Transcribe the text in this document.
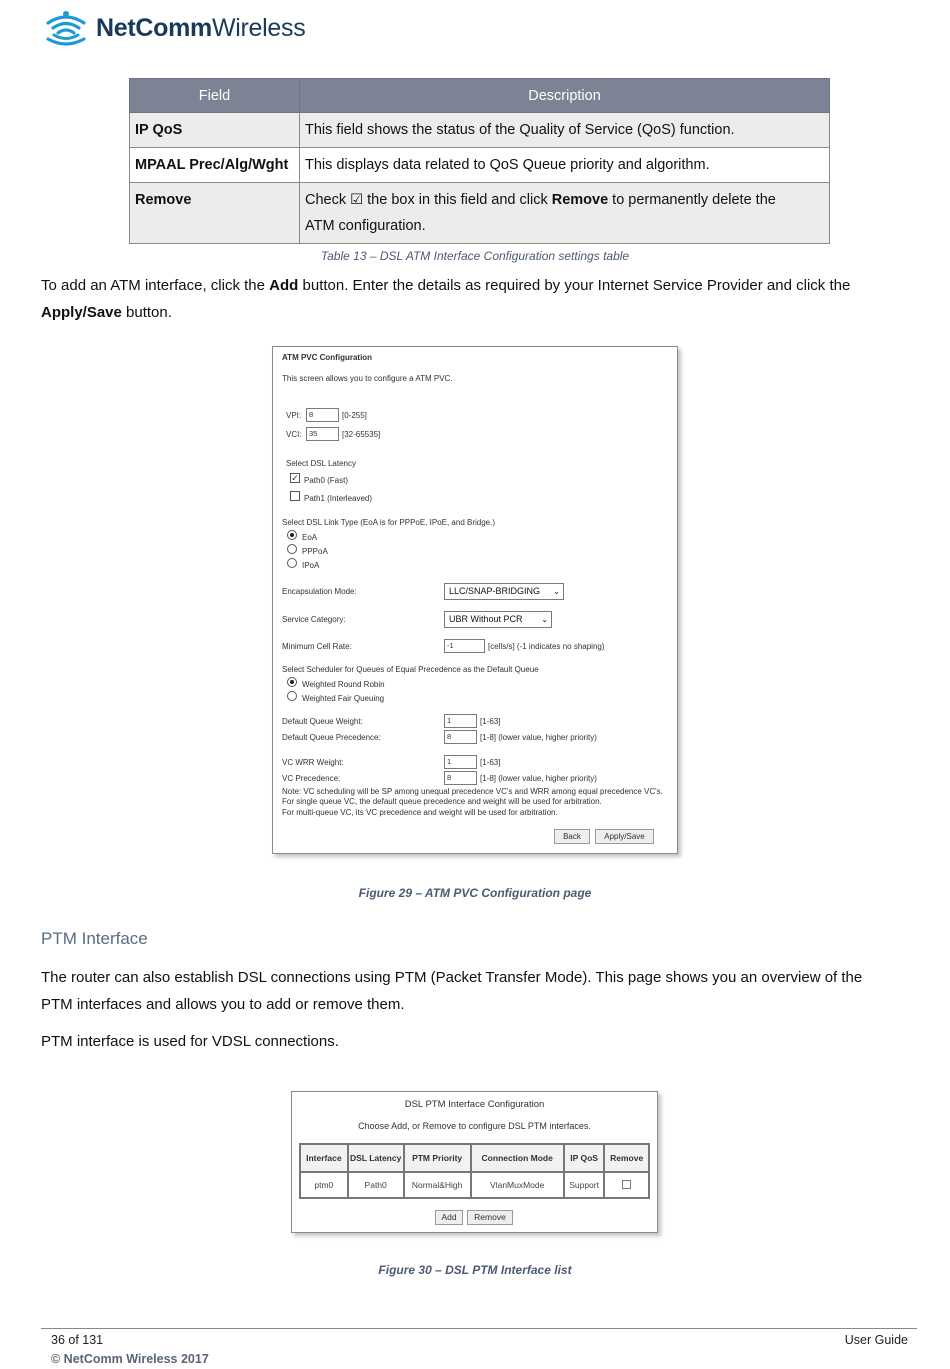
NetCommWireless
Field	Description
IP QoS	This field shows the status of the Quality of Service (QoS) function.
MPAAL Prec/Alg/Wght	This displays data related to QoS Queue priority and algorithm.
Remove	Check ☑ the box in this field and click Remove to permanently delete the
ATM configuration.
Table 13 – DSL ATM Interface Configuration settings table
To add an ATM interface, click the Add button. Enter the details as required by your Internet Service Provider and click the
Apply/Save button.
ATM PVC Configuration
This screen allows you to configure a ATM PVC.
VPI:	8	[0-255]
VCI: 35	[32-65535]
Select DSL Latency
✓ Path0 (Fast)
Path1 (Interleaved)
Select DSL Link Type (EoA is for PPPoE, IPoE, and Bridge.)
EoA
PPPoA
IPoA
Encapsulation Mode:	LLC/SNAP-BRIDGING ⌄
Service Category:	UBR Without PCR ⌄
Minimum Cell Rate:	-1	[cells/s] (-1 indicates no shaping)
Select Scheduler for Queues of Equal Precedence as the Default Queue
Weighted Round Robin
Weighted Fair Queuing
Default Queue Weight:	1	[1-63]
Default Queue Precedence:	8	[1-8] (lower value, higher priority)
VC WRR Weight:	1	[1-63]
VC Precedence:	8	[1-8] (lower value, higher priority)
Note: VC scheduling will be SP among unequal precedence VC's and WRR among equal precedence VC's.
For single queue VC, the default queue precedence and weight will be used for arbitration.
For multi-queue VC, its VC precedence and weight will be used for arbitration.
Back	Apply/Save
Figure 29 – ATM PVC Configuration page
PTM Interface
The router can also establish DSL connections using PTM (Packet Transfer Mode). This page shows you an overview of the
PTM interfaces and allows you to add or remove them.
PTM interface is used for VDSL connections.
DSL PTM Interface Configuration
Choose Add, or Remove to configure DSL PTM interfaces.
Interface	DSL Latency	PTM Priority	Connection Mode	IP QoS	Remove
ptm0	Path0	Normal&High	VlanMuxMode	Support	
Add	Remove
Figure 30 – DSL PTM Interface list
36 of 131	User Guide
© NetComm Wireless 2017
